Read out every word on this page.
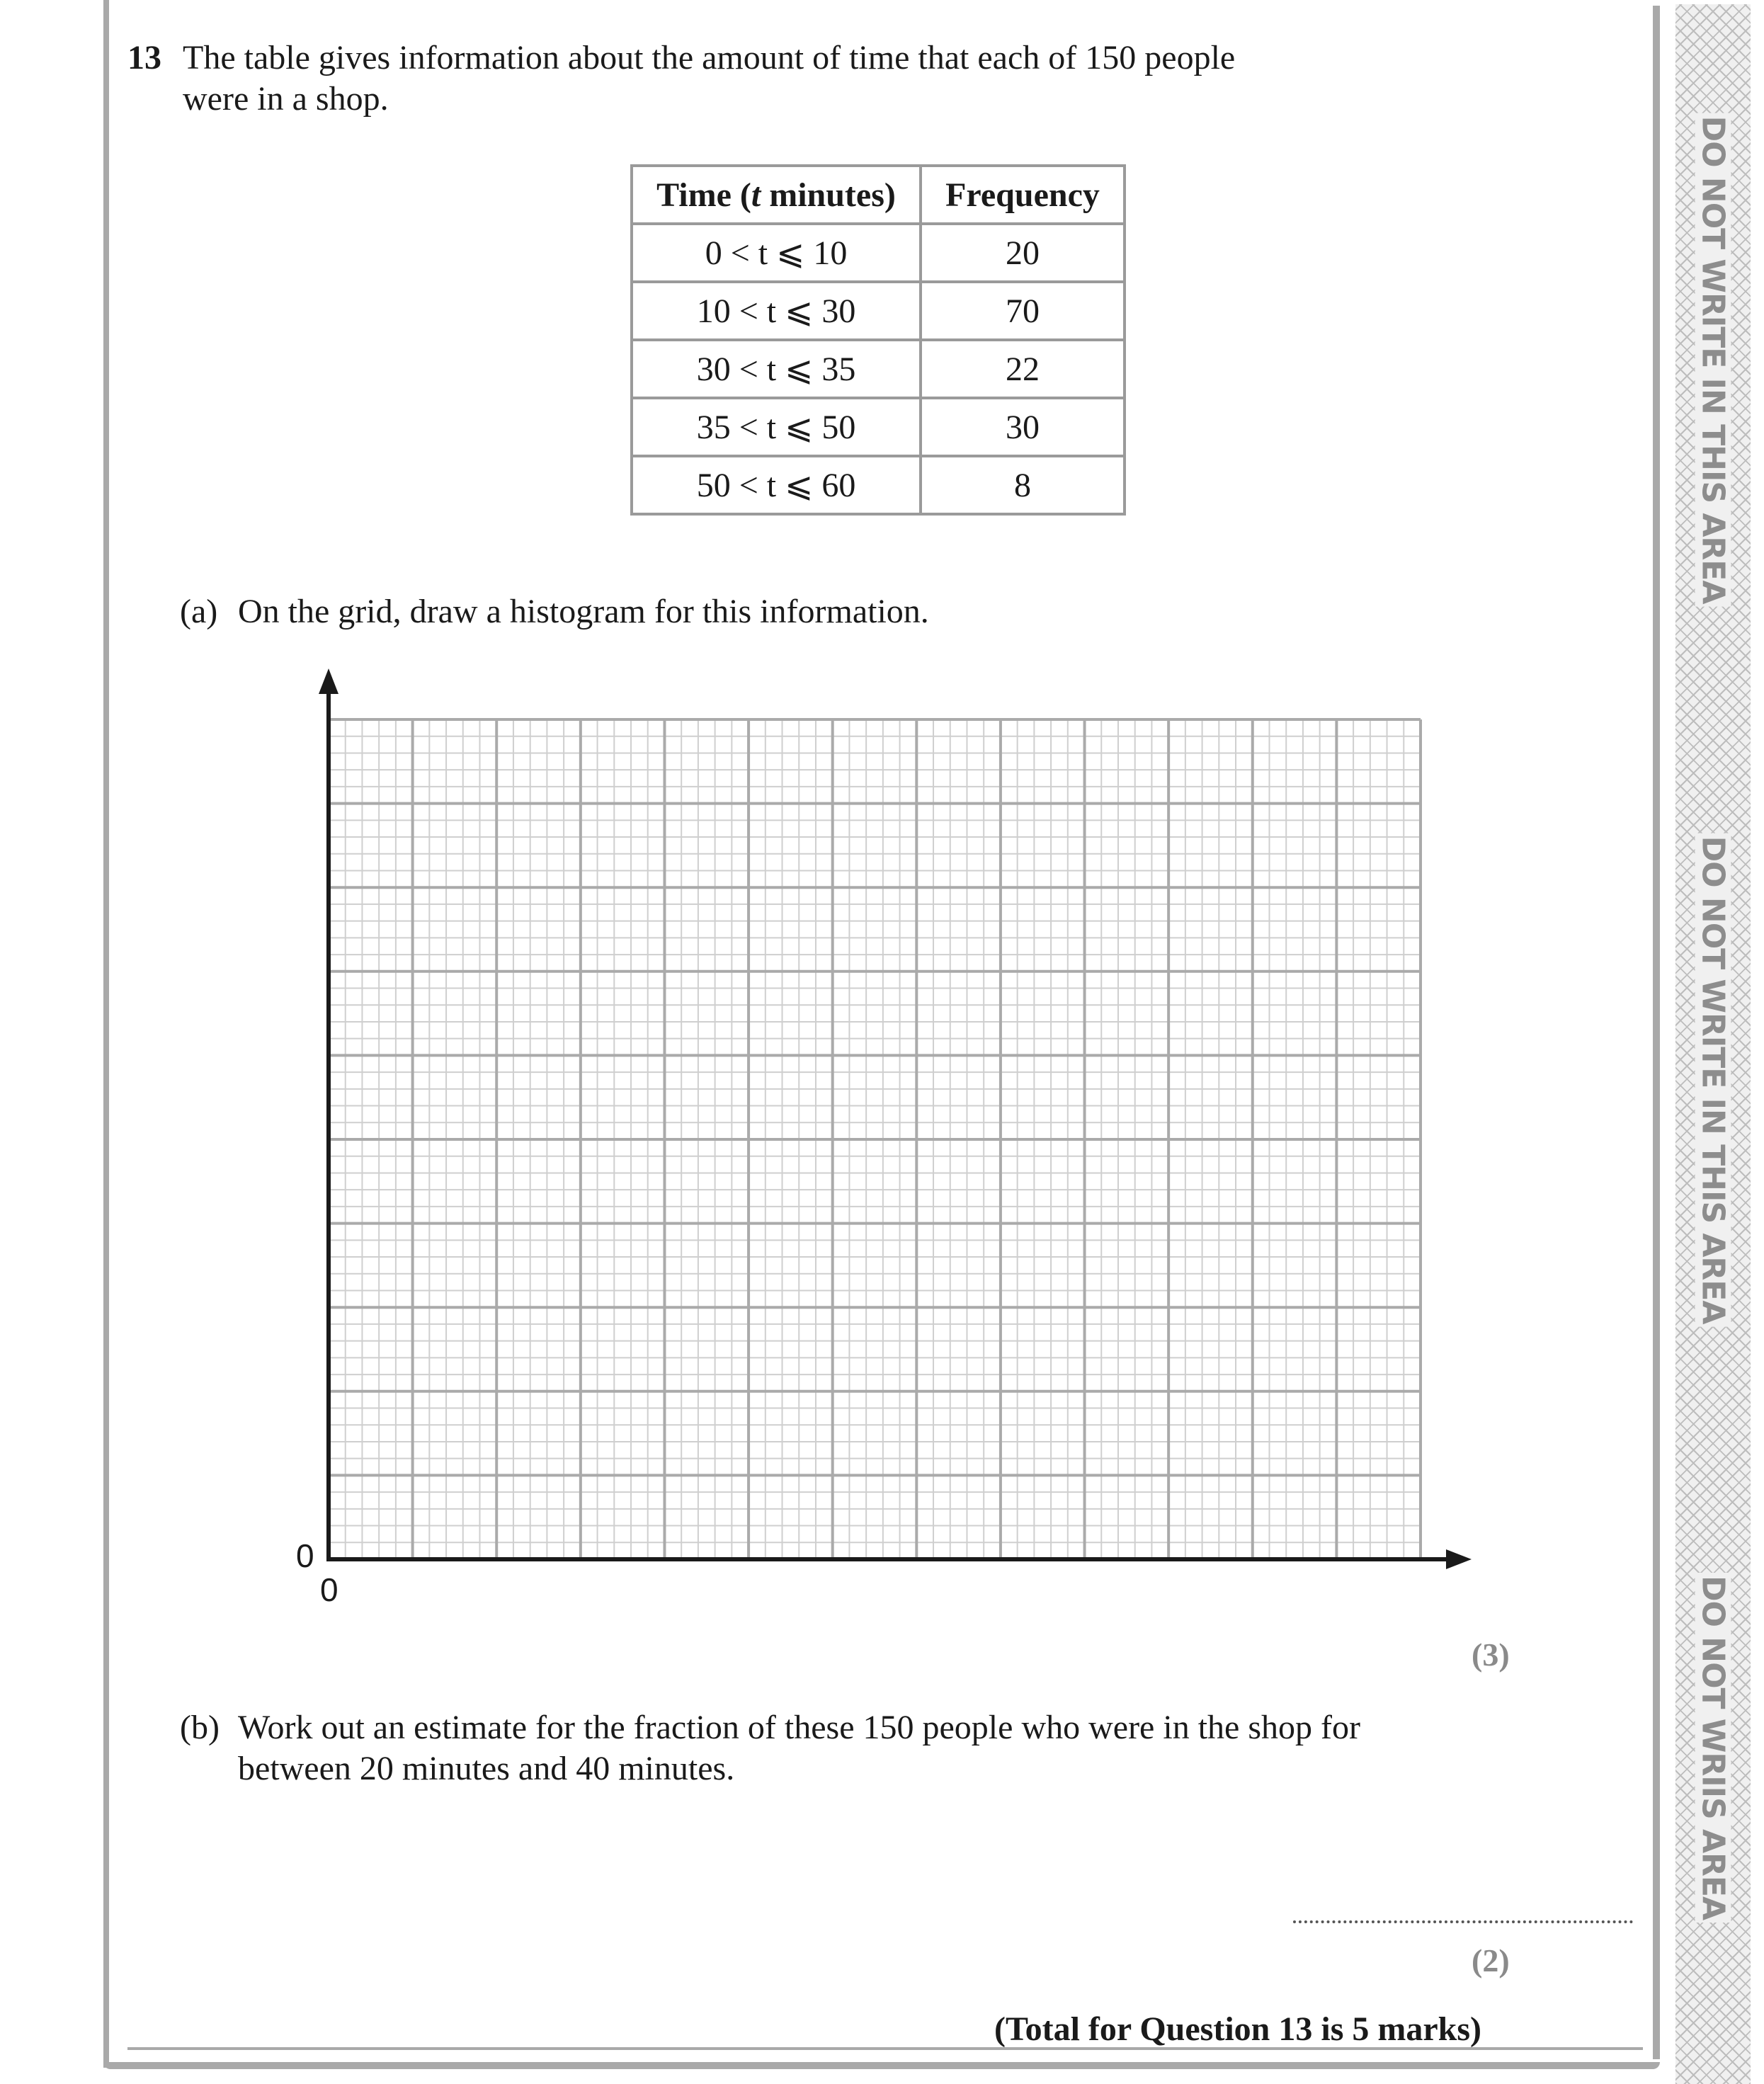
DO NOT WRITE IN THIS AREA
DO NOT WRITE IN THIS AREA
DO NOT WRIIS AREA
13 The table gives information about the amount of time that each of 150 people
were in a shop.
Time (t minutes)	Frequency
0 < t ⩽ 10	20
10 < t ⩽ 30	70
30 < t ⩽ 35	22
35 < t ⩽ 50	30
50 < t ⩽ 60	8
(a) On the grid, draw a histogram for this information.
0
0
(3)
(b) Work out an estimate for the fraction of these 150 people who were in the shop for
between 20 minutes and 40 minutes.
(2)
(Total for Question 13 is 5 marks)
